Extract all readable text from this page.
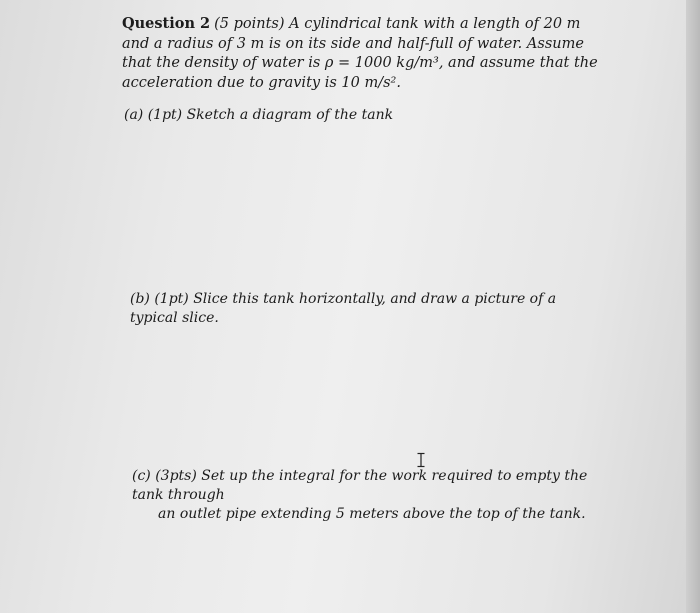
Question 2 (5 points) A cylindrical tank with a length of 20 m and a radius of 3 m is on its side and half-full of water. Assume that the density of water is ρ = 1000 kg/m³, and assume that the acceleration due to gravity is 10 m/s².
(a) (1pt) Sketch a diagram of the tank
(b) (1pt) Slice this tank horizontally, and draw a picture of a typical slice.
(c) (3pts) Set up the integral for the work required to empty the tank through
an outlet pipe extending 5 meters above the top of the tank.
